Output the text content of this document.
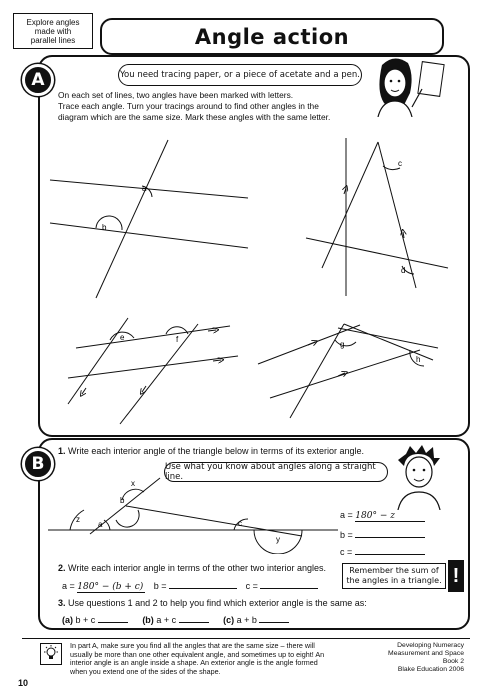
Explore angles
made with
parallel lines	Angle action
A	You need tracing paper, or a piece of acetate and a pen.
On each set of lines, two angles have been marked with letters.
Trace each angle. Turn your tracings around to find other angles in the
diagram which are the same size. Mark these angles with the same letter.
a
b
c
d
e	f
g
h
B
1. Write each interior angle of the triangle below in terms of its exterior angle.
Use what you know about angles along a straight line.
z
a
x
b
c
y
a = 180° − z
b =
c =
Remember the sum of the angles in a triangle. !
2. Write each interior angle in terms of the other two interior angles.
a = 180° − (b + c) b =	c =
3. Use questions 1 and 2 to help you find which exterior angle is the same as:
(a) b + c	(b) a + c	(c) a + b
In part A, make sure you find all the angles that are the same size – there will usually be more than one other equivalent angle, and sometimes up to eight! An interior angle is an angle inside a shape. An exterior angle is the angle formed when you extend one of the sides of the shape.
Developing Numeracy
Measurement and Space
Book 2
Blake Education 2006
10
